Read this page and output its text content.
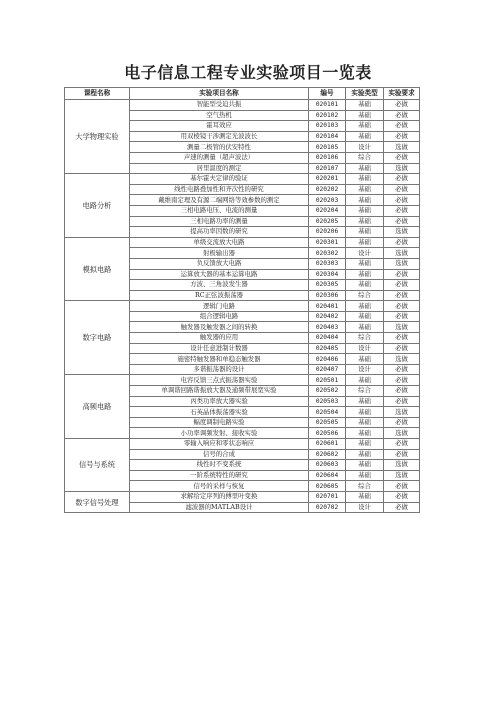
电子信息工程专业实验项目一览表
课程名称	实验项目名称	编号	实验类型	实验要求
大学物理实验	智能型受迫共振	020101	基础	必做
	空气热机	020102	基础	必做
	霍耳效应	020103	基础	必做
	用双棱镜干涉测定光波波长	020104	基础	必做
	测量二极管的伏安特性	020105	设计	选做
	声速的测量（超声波法）	020106	综合	必做
	居里温度的测定	020107	基础	选做
电路分析	基尔霍夫定律的验证	020201	基础	必做
	线性电路叠加性和齐次性的研究	020202	基础	必做
	戴维南定理及有源二端网络等效参数的测定	020203	基础	必做
	三相电路电压、电流的测量	020204	基础	必做
	三相电路功率的测量	020205	基础	必做
	提高功率因数的研究	020206	基础	选做
模拟电路	单级交流放大电路	020301	基础	必做
	射极输出器	020302	设计	选做
	负反馈放大电路	020303	基础	选做
	运算放大器的基本运算电路	020304	基础	必做
	方波、三角波发生器	020305	基础	必做
	RC正弦波振荡器	020306	综合	必做
数字电路	逻辑门电路	020401	基础	必做
	组合逻辑电路	020402	基础	必做
	触发器及触发器之间的转换	020403	基础	选做
	触发器的应用	020404	综合	必做
	设计任意进制计数器	020405	设计	必做
	施密特触发器和单稳态触发器	020406	基础	选做
	多谐振荡器的设计	020407	设计	必做
高频电路	电容反馈三点式振荡器实验	020501	基础	必做
	单调谐回路谐振放大器及通频带展宽实验	020502	综合	必做
	丙类功率放大器实验	020503	基础	必做
	石英晶体振荡器实验	020504	基础	选做
	幅度调制电路实验	020505	基础	必做
	小功率调频发射、接收实验	020506	基础	选做
信号与系统	零输入响应和零状态响应	020601	基础	必做
	信号的合成	020602	基础	必做
	线性时不变系统	020603	基础	选做
	一阶系统特性的研究	020604	基础	选做
	信号的采样与恢复	020605	综合	必做
数字信号处理	求解给定序列的傅里叶变换	020701	基础	必做
	滤波器的MATLAB设计	020702	设计	必做
